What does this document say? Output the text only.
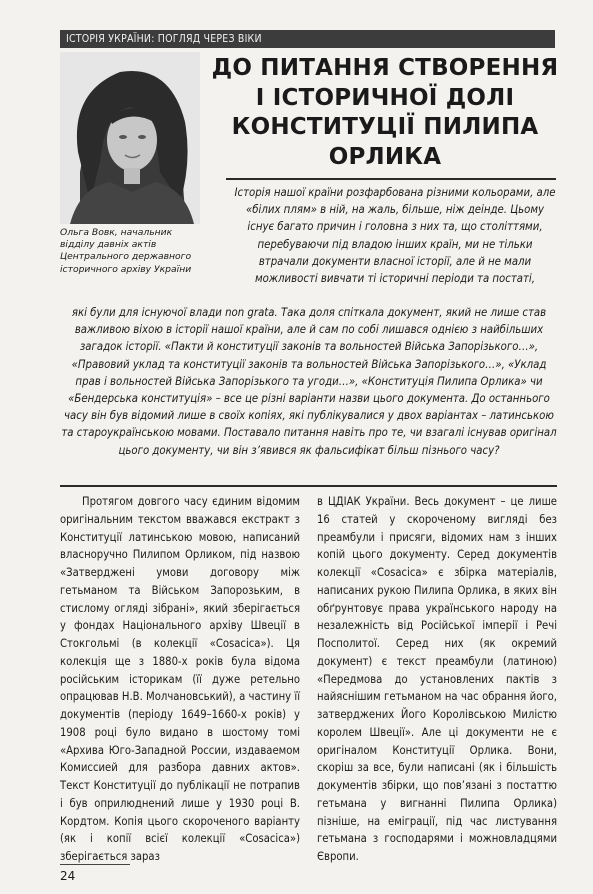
ІСТОРІЯ УКРАЇНИ: ПОГЛЯД ЧЕРЕЗ ВІКИ
Ольга Вовк, начальник відділу давніх актів Центрального державного історичного архіву України
ДО ПИТАННЯ СТВОРЕННЯ І ІСТОРИЧНОЇ ДОЛІ КОНСТИТУЦІЇ ПИЛИПА ОРЛИКА

Історія нашої країни розфарбована різними кольорами, але «білих плям» в ній, на жаль, більше, ніж деінде. Цьому існує багато причин і головна з них та, що століттями, перебуваючи під владою інших країн, ми не тільки втрачали документи власної історії, але й не мали можливості вивчати ті історичні періоди та постаті,

які були для існуючої влади non grata. Така доля спіткала документ, який не лише став важливою віхою в історії нашої країни, але й сам по собі лишався однією з найбільших загадок історії. «Пакти й конституції законів та вольностей Війська Запорізького…», «Правовий уклад та конституції законів та вольностей Війська Запорізького…», «Уклад прав і вольностей Війська Запорізького та угоди…», «Конституція Пилипа Орлика» чи «Бендерська конституція» – все це різні варіанти назви цього документа. До останнього часу він був відомий лише в своїх копіях, які публікувалися у двох варіантах – латинською та староукраїнською мовами. Поставало питання навіть про те, чи взагалі існував оригінал цього документу, чи він з’явився як фальсифікат більш пізнього часу?

Протягом довгого часу єдиним відомим оригінальним текстом вважався екстракт з Конституції латинською мовою, написаний власноручно Пилипом Орликом, під назвою «Затверджені умови договору між гетьманом та Військом Запорозьким, в стислому огляді зібрані», який зберігається у фондах Національного архіву Швеції в Стокгольмі (в колекції «Cosacica»). Ця колекція ще з 1880-х років була відома російським історикам (її дуже ретельно опрацював Н.В. Молчановський), а частину її документів (періоду 1649–1660-х років) у 1908 році було видано в шостому томі «Архива Юго-Западной России, издаваемом Комиссией для разбора давних актов». Текст Конституції до публікації не потрапив і був оприлюднений лише у 1930 році В. Кордтом. Копія цього скороченого варіанту (як і копії всієї колекції «Cosacica») зберігається зараз

в ЦДІАК України. Весь документ – це лише 16 статей у скороченому вигляді без преамбули і присяги, відомих нам з інших копій цього документу. Серед документів колекції «Cosacica» є збірка матеріалів, написаних рукою Пилипа Орлика, в яких він обґрунтовує права українського народу на незалежність від Російської імперії і Речі Посполитої. Серед них (як окремий документ) є текст преамбули (латиною) «Передмова до установлених пактів з найяснішим гетьманом на час обрання його, затверджених Його Королівською Милістю королем Швеції». Але ці документи не є оригіналом Конституції Орлика. Вони, скоріш за все, були написані (як і більшість документів збірки, що пов’язані з постаттю гетьмана у вигнанні Пилипа Орлика) пізніше, на еміграції, під час листування гетьмана з господарями і можновладцями Європи.

24
